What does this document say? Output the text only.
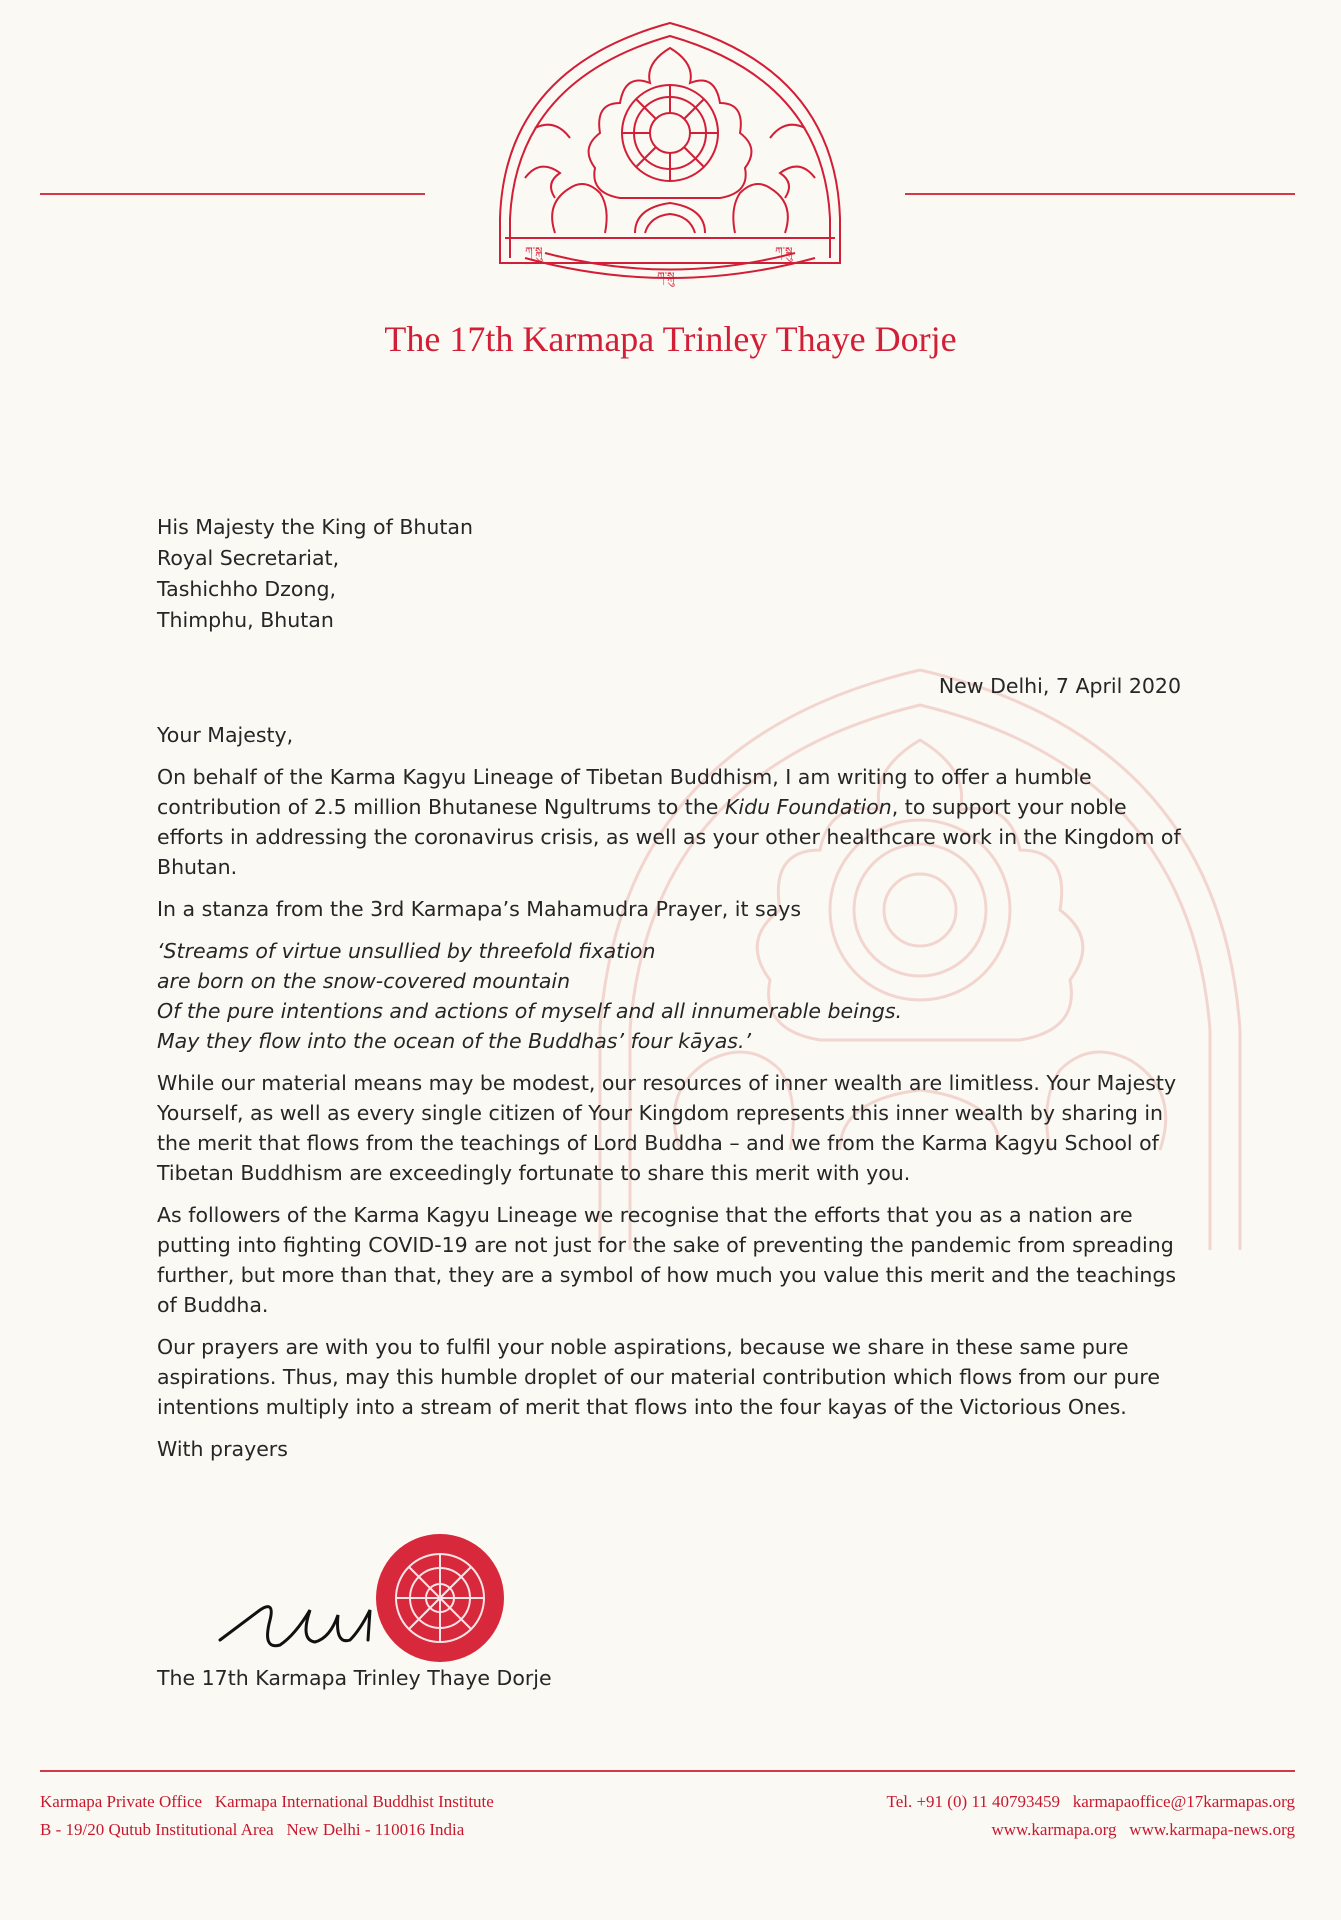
ཀ་སྐུ	ཀ་སྐུ
ཀ་སྐུ
The 17th Karmapa Trinley Thaye Dorje
His Majesty the King of Bhutan
Royal Secretariat,
Tashichho Dzong,
Thimphu, Bhutan
New Delhi, 7 April 2020

Your Majesty,

On behalf of the Karma Kagyu Lineage of Tibetan Buddhism, I am writing to offer a humble contribution of 2.5 million Bhutanese Ngultrums to the Kidu Foundation, to support your noble efforts in addressing the coronavirus crisis, as well as your other healthcare work in the Kingdom of Bhutan.

In a stanza from the 3rd Karmapa’s Mahamudra Prayer, it says

‘Streams of virtue unsullied by threefold fixation
are born on the snow-covered mountain
Of the pure intentions and actions of myself and all innumerable beings.
May they flow into the ocean of the Buddhas’ four kāyas.’

While our material means may be modest, our resources of inner wealth are limitless. Your Majesty Yourself, as well as every single citizen of Your Kingdom represents this inner wealth by sharing in the merit that flows from the teachings of Lord Buddha – and we from the Karma Kagyu School of Tibetan Buddhism are exceedingly fortunate to share this merit with you.

As followers of the Karma Kagyu Lineage we recognise that the efforts that you as a nation are putting into fighting COVID-19 are not just for the sake of preventing the pandemic from spreading further, but more than that, they are a symbol of how much you value this merit and the teachings of Buddha.

Our prayers are with you to fulfil your noble aspirations, because we share in these same pure aspirations. Thus, may this humble droplet of our material contribution which flows from our pure intentions multiply into a stream of merit that flows into the four kayas of the Victorious Ones.

With prayers

The 17th Karmapa Trinley Thaye Dorje
Karmapa Private Office Karmapa International Buddhist Institute
B - 19/20 Qutub Institutional Area New Delhi - 110016 India
Tel. +91 (0) 11 40793459 karmapaoffice@17karmapas.org
www.karmapa.org www.karmapa-news.org
